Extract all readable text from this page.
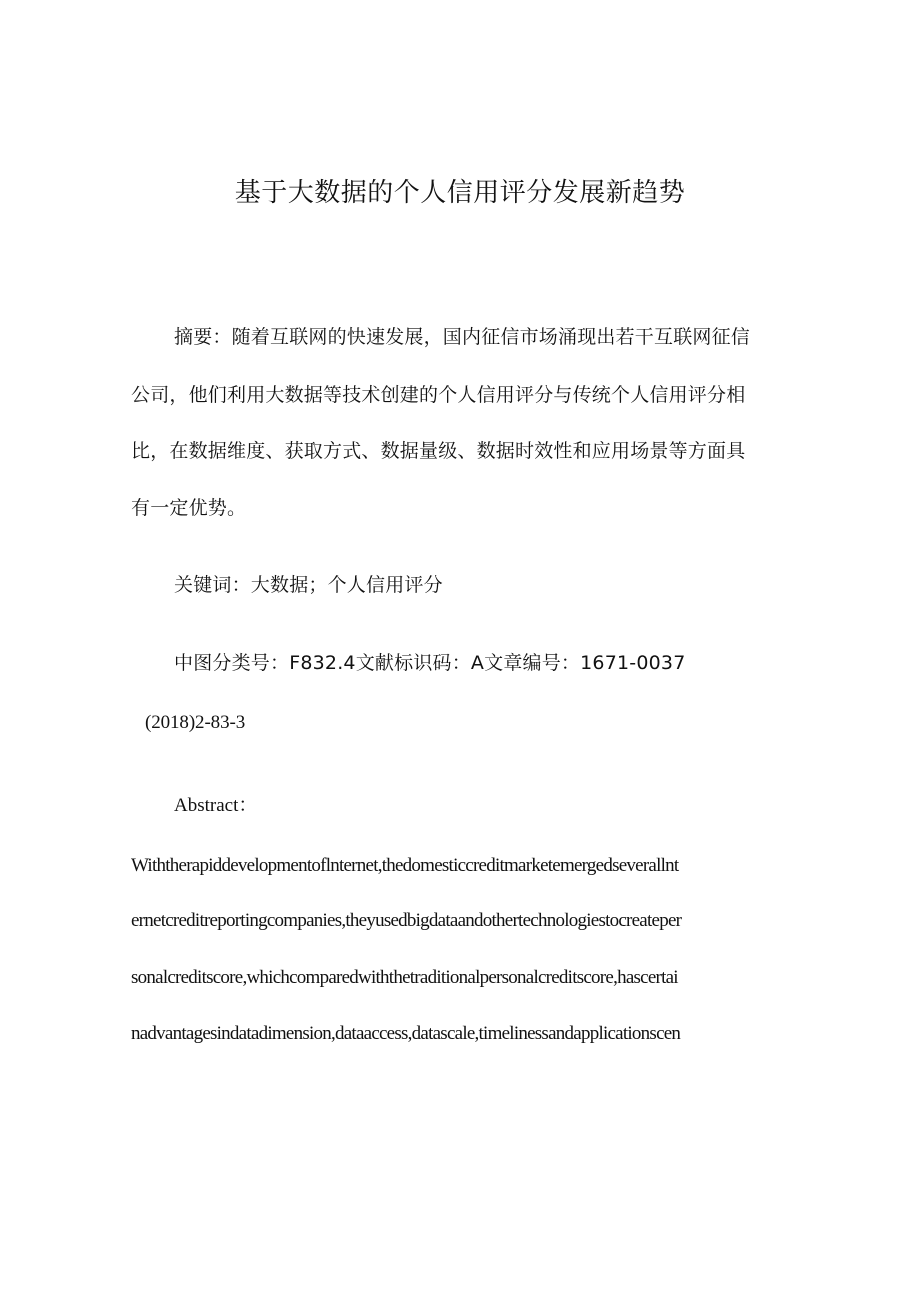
基于大数据的个人信用评分发展新趋势
摘要：随着互联网的快速发展，国内征信市场涌现出若干互联网征信
公司，他们利用大数据等技术创建的个人信用评分与传统个人信用评分相
比，在数据维度、获取方式、数据量级、数据时效性和应用场景等方面具
有一定优势。
关键词：大数据；个人信用评分
中图分类号：F832.4文献标识码：A文章编号：1671-0037
(2018)2-83-3
Abstract：
Withtherapiddevelopmentoflnternet,thedomesticcreditmarketemergedseverallnt
ernetcreditreportingcompanies,theyusedbigdataandothertechnologiestocreateper
sonalcreditscore,whichcomparedwiththetraditionalpersonalcreditscore,hascertai
nadvantagesindatadimension,dataaccess,datascale,timelinessandapplicationscen
